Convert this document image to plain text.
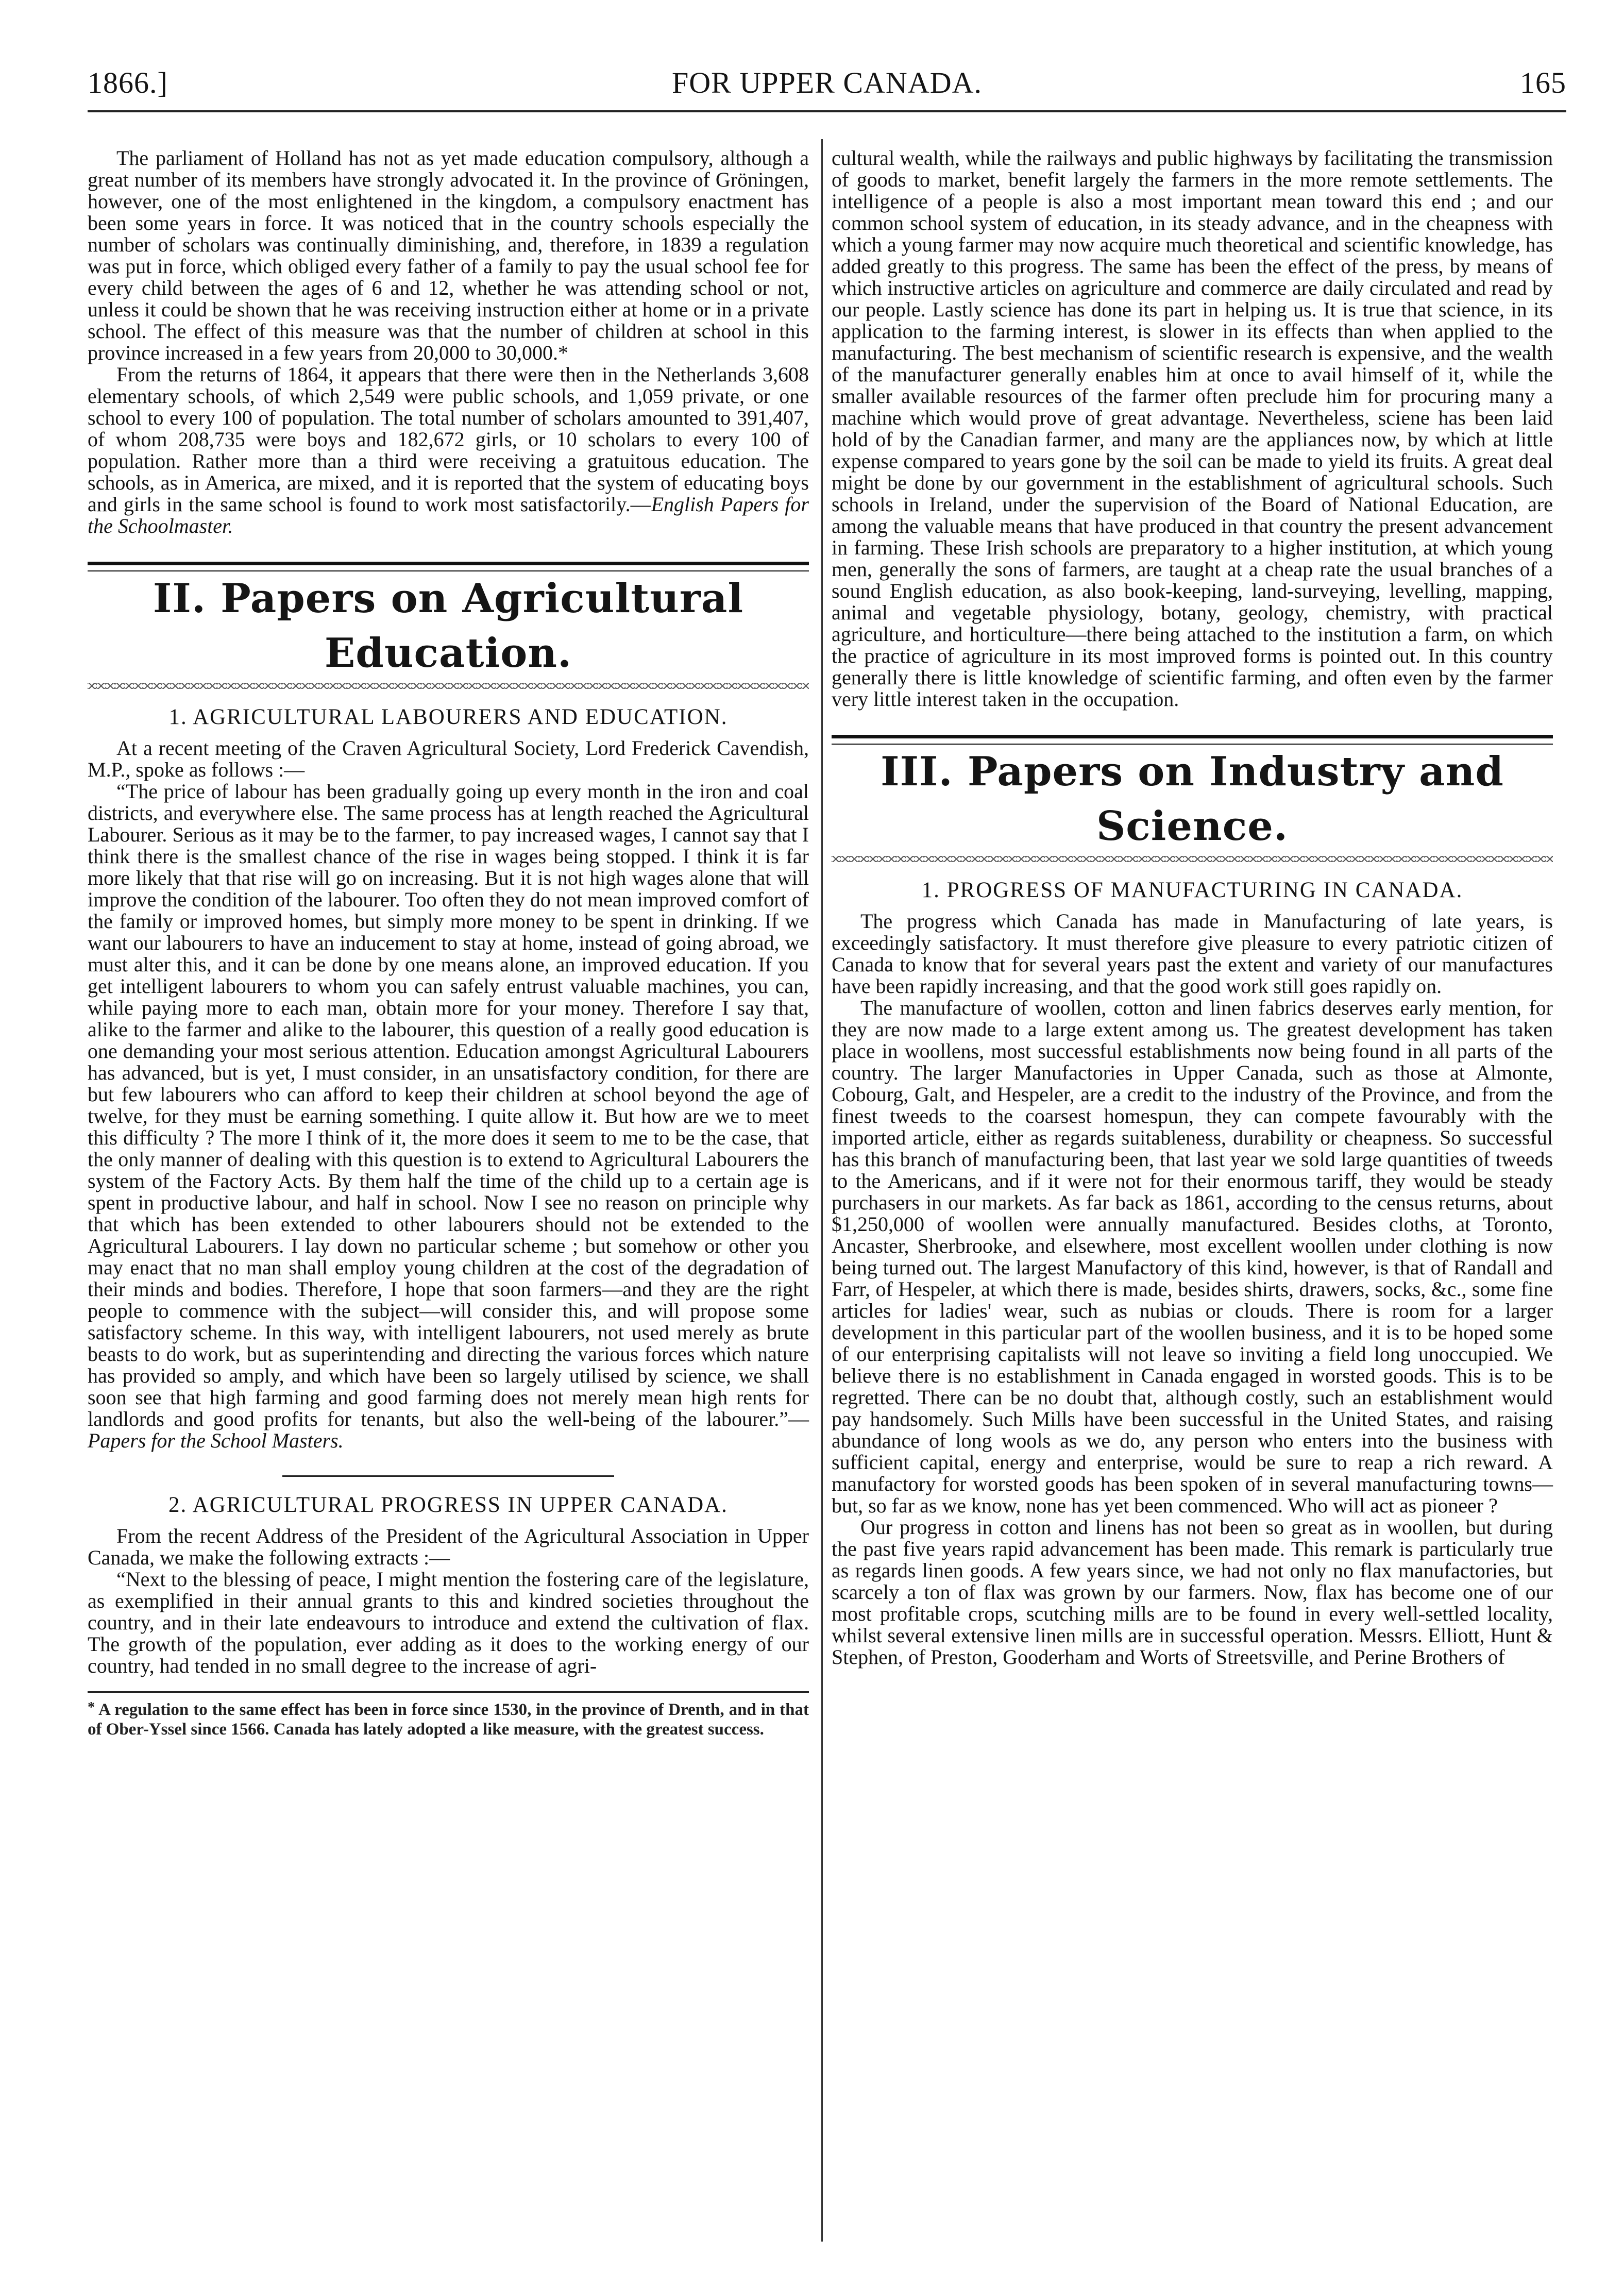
1866.]	FOR UPPER CANADA.	165

The parliament of Holland has not as yet made education compulsory, although a great number of its members have strongly advocated it. In the province of Gröningen, however, one of the most enlightened in the kingdom, a compulsory enactment has been some years in force. It was noticed that in the country schools especially the number of scholars was continually diminishing, and, therefore, in 1839 a regulation was put in force, which obliged every father of a family to pay the usual school fee for every child between the ages of 6 and 12, whether he was attending school or not, unless it could be shown that he was receiving instruction either at home or in a private school. The effect of this measure was that the number of children at school in this province increased in a few years from 20,000 to 30,000.*

From the returns of 1864, it appears that there were then in the Netherlands 3,608 elementary schools, of which 2,549 were public schools, and 1,059 private, or one school to every 100 of population. The total number of scholars amounted to 391,407, of whom 208,735 were boys and 182,672 girls, or 10 scholars to every 100 of population. Rather more than a third were receiving a gratuitous education. The schools, as in America, are mixed, and it is reported that the system of educating boys and girls in the same school is found to work most satisfactorily.—English Papers for the Schoolmaster.

II. Papers on Agricultural Education.
1. AGRICULTURAL LABOURERS AND EDUCATION.

At a recent meeting of the Craven Agricultural Society, Lord Frederick Cavendish, M.P., spoke as follows :—

“The price of labour has been gradually going up every month in the iron and coal districts, and everywhere else. The same process has at length reached the Agricultural Labourer. Serious as it may be to the farmer, to pay increased wages, I cannot say that I think there is the smallest chance of the rise in wages being stopped. I think it is far more likely that that rise will go on increasing. But it is not high wages alone that will improve the condition of the labourer. Too often they do not mean improved comfort of the family or improved homes, but simply more money to be spent in drinking. If we want our labourers to have an inducement to stay at home, instead of going abroad, we must alter this, and it can be done by one means alone, an improved education. If you get intelligent labourers to whom you can safely entrust valuable machines, you can, while paying more to each man, obtain more for your money. Therefore I say that, alike to the farmer and alike to the labourer, this question of a really good education is one demanding your most serious attention. Education amongst Agricultural Labourers has advanced, but is yet, I must consider, in an unsatisfactory condition, for there are but few labourers who can afford to keep their children at school beyond the age of twelve, for they must be earning something. I quite allow it. But how are we to meet this difficulty ? The more I think of it, the more does it seem to me to be the case, that the only manner of dealing with this question is to extend to Agricultural Labourers the system of the Factory Acts. By them half the time of the child up to a certain age is spent in productive labour, and half in school. Now I see no reason on principle why that which has been extended to other labourers should not be extended to the Agricultural Labourers. I lay down no particular scheme ; but somehow or other you may enact that no man shall employ young children at the cost of the degradation of their minds and bodies. Therefore, I hope that soon farmers—and they are the right people to commence with the subject—will consider this, and will propose some satisfactory scheme. In this way, with intelligent labourers, not used merely as brute beasts to do work, but as superintending and directing the various forces which nature has provided so amply, and which have been so largely utilised by science, we shall soon see that high farming and good farming does not merely mean high rents for landlords and good profits for tenants, but also the well-being of the labourer.”—Papers for the School Masters.

2. AGRICULTURAL PROGRESS IN UPPER CANADA.

From the recent Address of the President of the Agricultural Association in Upper Canada, we make the following extracts :—

“Next to the blessing of peace, I might mention the fostering care of the legislature, as exemplified in their annual grants to this and kindred societies throughout the country, and in their late endeavours to introduce and extend the cultivation of flax. The growth of the population, ever adding as it does to the working energy of our country, had tended in no small degree to the increase of agri-

* A regulation to the same effect has been in force since 1530, in the province of Drenth, and in that of Ober-Yssel since 1566. Canada has lately adopted a like measure, with the greatest success.

cultural wealth, while the railways and public highways by facilitating the transmission of goods to market, benefit largely the farmers in the more remote settlements. The intelligence of a people is also a most important mean toward this end ; and our common school system of education, in its steady advance, and in the cheapness with which a young farmer may now acquire much theoretical and scientific knowledge, has added greatly to this progress. The same has been the effect of the press, by means of which instructive articles on agriculture and commerce are daily circulated and read by our people. Lastly science has done its part in helping us. It is true that science, in its application to the farming interest, is slower in its effects than when applied to the manufacturing. The best mechanism of scientific research is expensive, and the wealth of the manufacturer generally enables him at once to avail himself of it, while the smaller available resources of the farmer often preclude him for procuring many a machine which would prove of great advantage. Nevertheless, sciene has been laid hold of by the Canadian farmer, and many are the appliances now, by which at little expense compared to years gone by the soil can be made to yield its fruits. A great deal might be done by our government in the establishment of agricultural schools. Such schools in Ireland, under the supervision of the Board of National Education, are among the valuable means that have produced in that country the present advancement in farming. These Irish schools are preparatory to a higher institution, at which young men, generally the sons of farmers, are taught at a cheap rate the usual branches of a sound English education, as also book-keeping, land-surveying, levelling, mapping, animal and vegetable physiology, botany, geology, chemistry, with practical agriculture, and horticulture—there being attached to the institution a farm, on which the practice of agriculture in its most improved forms is pointed out. In this country generally there is little knowledge of scientific farming, and often even by the farmer very little interest taken in the occupation.

III. Papers on Industry and Science.
1. PROGRESS OF MANUFACTURING IN CANADA.

The progress which Canada has made in Manufacturing of late years, is exceedingly satisfactory. It must therefore give pleasure to every patriotic citizen of Canada to know that for several years past the extent and variety of our manufactures have been rapidly increasing, and that the good work still goes rapidly on.

The manufacture of woollen, cotton and linen fabrics deserves early mention, for they are now made to a large extent among us. The greatest development has taken place in woollens, most successful establishments now being found in all parts of the country. The larger Manufactories in Upper Canada, such as those at Almonte, Cobourg, Galt, and Hespeler, are a credit to the industry of the Province, and from the finest tweeds to the coarsest homespun, they can compete favourably with the imported article, either as regards suitableness, durability or cheapness. So successful has this branch of manufacturing been, that last year we sold large quantities of tweeds to the Americans, and if it were not for their enormous tariff, they would be steady purchasers in our markets. As far back as 1861, according to the census returns, about $1,250,000 of woollen were annually manufactured. Besides cloths, at Toronto, Ancaster, Sherbrooke, and elsewhere, most excellent woollen under clothing is now being turned out. The largest Manufactory of this kind, however, is that of Randall and Farr, of Hespeler, at which there is made, besides shirts, drawers, socks, &c., some fine articles for ladies' wear, such as nubias or clouds. There is room for a larger development in this particular part of the woollen business, and it is to be hoped some of our enterprising capitalists will not leave so inviting a field long unoccupied. We believe there is no establishment in Canada engaged in worsted goods. This is to be regretted. There can be no doubt that, although costly, such an establishment would pay handsomely. Such Mills have been successful in the United States, and raising abundance of long wools as we do, any person who enters into the business with sufficient capital, energy and enterprise, would be sure to reap a rich reward. A manufactory for worsted goods has been spoken of in several manufacturing towns—but, so far as we know, none has yet been commenced. Who will act as pioneer ?

Our progress in cotton and linens has not been so great as in woollen, but during the past five years rapid advancement has been made. This remark is particularly true as regards linen goods. A few years since, we had not only no flax manufactories, but scarcely a ton of flax was grown by our farmers. Now, flax has become one of our most profitable crops, scutching mills are to be found in every well-settled locality, whilst several extensive linen mills are in successful operation. Messrs. Elliott, Hunt & Stephen, of Preston, Gooderham and Worts of Streetsville, and Perine Brothers of
